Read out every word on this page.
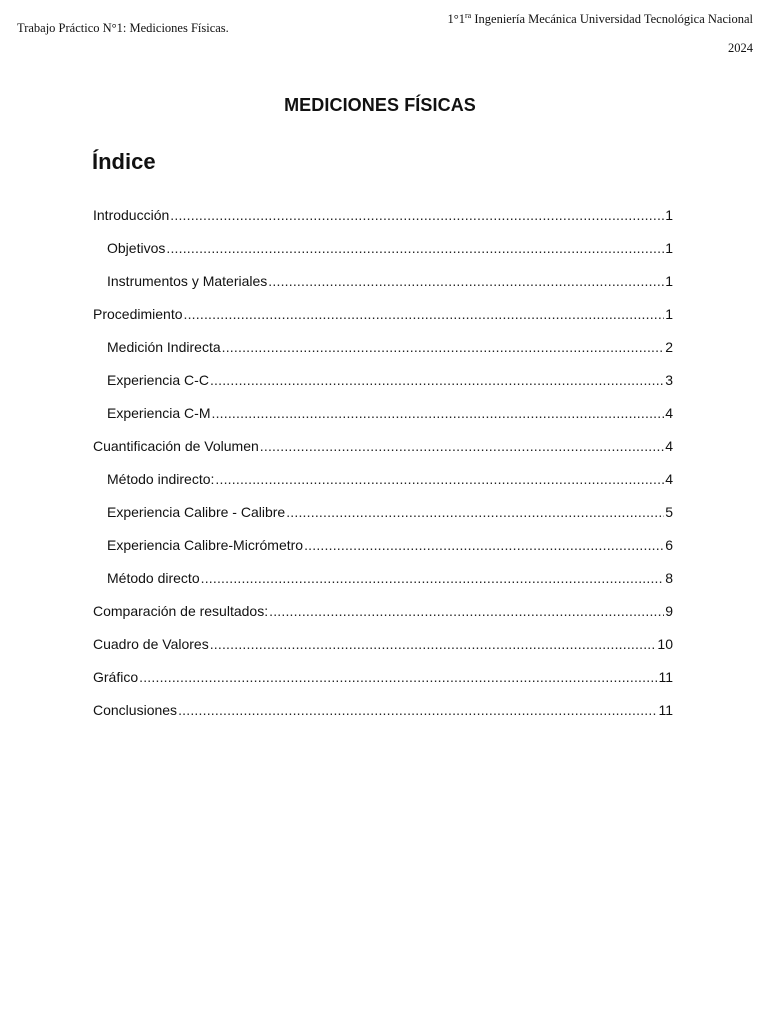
Trabajo Práctico N°1: Mediciones Físicas.
$1^\circ 1^{ra}$ Ingeniería Mecánica Universidad Tecnológica Nacional
2024
MEDICIONES FÍSICAS
Índice
Introducción .....	1
Objetivos .....	1
Instrumentos y Materiales .....	1
Procedimiento .....	1
Medición Indirecta .....	2
Experiencia C-C .....	3
Experiencia C-M .....	4
Cuantificación de Volumen .....	4
Método indirecto: .....	4
Experiencia Calibre - Calibre .....	5
Experiencia Calibre-Micrómetro .....	6
Método directo .....	8
Comparación de resultados: .....	9
Cuadro de Valores .....	10
Gráfico .....	11
Conclusiones .....	11
